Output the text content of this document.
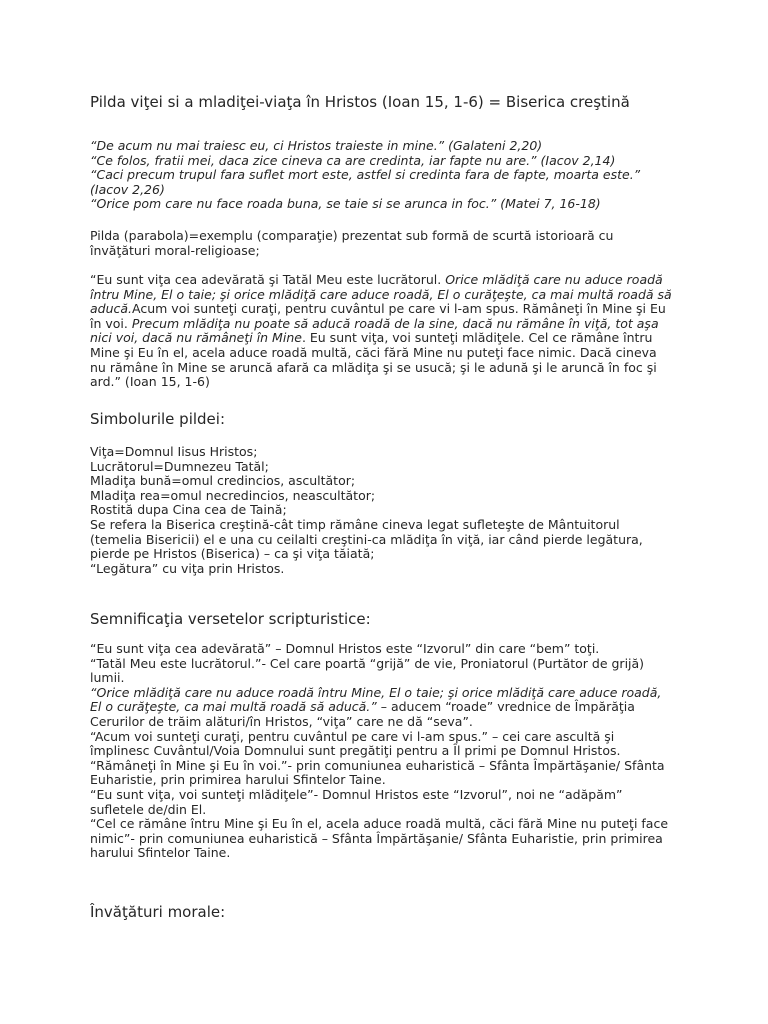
Pilda viţei si a mladiţei-viaţa în Hristos (Ioan 15, 1-6) = Biserica creştină
“De acum nu mai traiesc eu, ci Hristos traieste in mine.” (Galateni 2,20)
“Ce folos, fratii mei, daca zice cineva ca are credinta, iar fapte nu are.” (Iacov 2,14)
“Caci precum trupul fara suflet mort este, astfel si credinta fara de fapte, moarta este.”
(Iacov 2,26)
“Orice pom care nu face roada buna, se taie si se arunca in foc.” (Matei 7, 16-18)
Pilda (parabola)=exemplu (comparaţie) prezentat sub formă de scurtă istorioară cu
învăţături moral-religioase;
“Eu sunt viţa cea adevărată şi Tatăl Meu este lucrătorul. Orice mlădiţă care nu aduce roadă
întru Mine, El o taie; şi orice mlădiţă care aduce roadă, El o curăţeşte, ca mai multă roadă să
aducă.Acum voi sunteţi curaţi, pentru cuvântul pe care vi l-am spus. Rămâneţi în Mine şi Eu
în voi. Precum mlădiţa nu poate să aducă roadă de la sine, dacă nu rămâne în viţă, tot aşa
nici voi, dacă nu rămâneţi în Mine. Eu sunt viţa, voi sunteţi mlădiţele. Cel ce rămâne întru
Mine şi Eu în el, acela aduce roadă multă, căci fără Mine nu puteţi face nimic. Dacă cineva
nu rămâne în Mine se aruncă afară ca mlădiţa şi se usucă; şi le adună şi le aruncă în foc şi
ard.” (Ioan 15, 1-6)
Simbolurile pildei:
Viţa=Domnul Iisus Hristos;
Lucrătorul=Dumnezeu Tatăl;
Mladiţa bună=omul credincios, ascultător;
Mladiţa rea=omul necredincios, neascultător;
Rostită dupa Cina cea de Taină;
Se refera la Biserica creştină-cât timp rămâne cineva legat sufleteşte de Mântuitorul
(temelia Bisericii) el e una cu ceilalti creştini-ca mlădiţa în viţă, iar când pierde legătura,
pierde pe Hristos (Biserica) – ca şi viţa tăiată;
“Legătura” cu viţa prin Hristos.
Semnificaţia versetelor scripturistice:
“Eu sunt viţa cea adevărată” – Domnul Hristos este “Izvorul” din care “bem” toţi.
“Tatăl Meu este lucrătorul.”- Cel care poartă “grijă” de vie, Proniatorul (Purtător de grijă)
lumii.
“Orice mlădiţă care nu aduce roadă întru Mine, El o taie; şi orice mlădiţă care aduce roadă,
El o curăţeşte, ca mai multă roadă să aducă.” – aducem “roade” vrednice de Împărăţia
Cerurilor de trăim alături/în Hristos, “viţa” care ne dă “seva”.
“Acum voi sunteţi curaţi, pentru cuvântul pe care vi l-am spus.” – cei care ascultă şi
împlinesc Cuvântul/Voia Domnului sunt pregătiţi pentru a Îl primi pe Domnul Hristos.
“Rămâneţi în Mine şi Eu în voi.”- prin comuniunea euharistică – Sfânta Împărtăşanie/ Sfânta
Euharistie, prin primirea harului Sfintelor Taine.
“Eu sunt viţa, voi sunteţi mlădiţele”- Domnul Hristos este “Izvorul”, noi ne “adăpăm”
sufletele de/din El.
“Cel ce rămâne întru Mine şi Eu în el, acela aduce roadă multă, căci fără Mine nu puteţi face
nimic”- prin comuniunea euharistică – Sfânta Împărtăşanie/ Sfânta Euharistie, prin primirea
harului Sfintelor Taine.
Învăţături morale:
